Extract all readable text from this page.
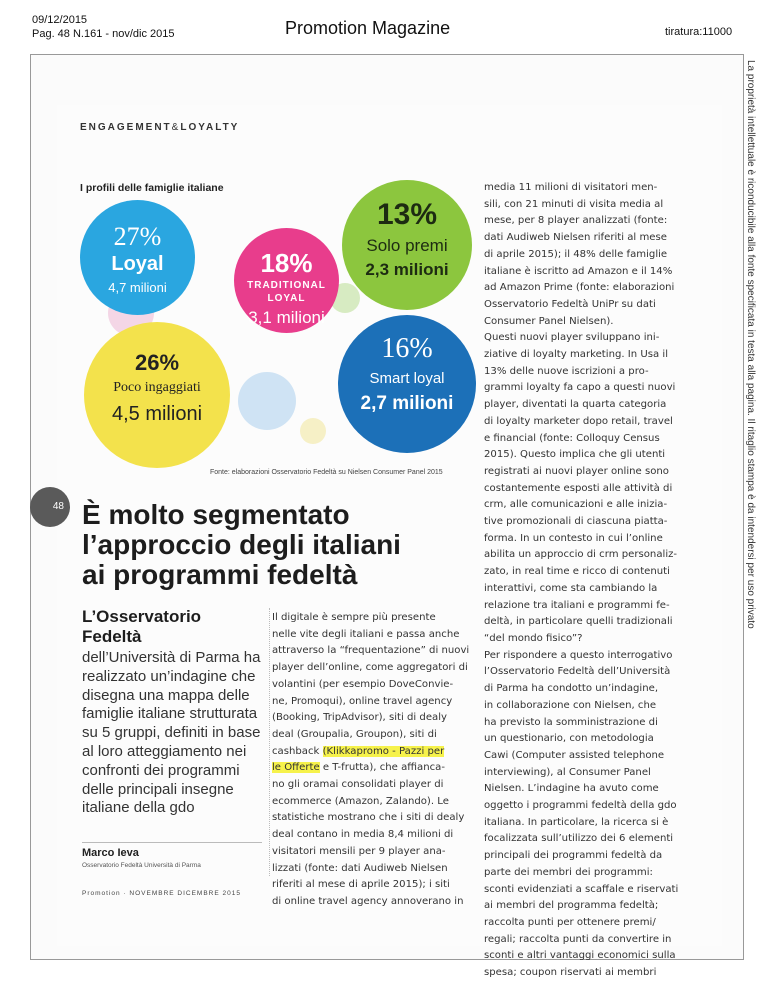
09/12/2015
Pag. 48 N.161 - nov/dic 2015	Promotion Magazine	tiratura:11000
La proprietà intellettuale è riconducibile alla fonte specificata in testa alla pagina. Il ritaglio stampa è da intendersi per uso privato
ENGAGEMENT&LOYALTY
I profili delle famiglie italiane
27%
Loyal
4,7 milioni
18%
TRADITIONAL
LOYAL
3,1 milioni
13%
Solo premi
2,3 milioni
26%
Poco ingaggiati
4,5 milioni
16%
Smart loyal
2,7 milioni
Fonte: elaborazioni Osservatorio Fedeltà su Nielsen Consumer Panel 2015
48 È molto segmentato
l’approccio degli italiani
ai programmi fedeltà
L’Osservatorio
Fedeltà
dell’Università di Parma ha realizzato un’indagine che disegna una mappa delle famiglie italiane strutturata su 5 gruppi, definiti in base al loro atteggiamento nei confronti dei programmi delle principali insegne italiane della gdo
Marco Ieva
Osservatorio Fedeltà Università di Parma
Promotion · NOVEMBRE DICEMBRE 2015
Il digitale è sempre più presente
nelle vite degli italiani e passa anche
attraverso la “frequentazione” di nuovi
player dell’online, come aggregatori di
volantini (per esempio DoveConvie-
ne, Promoqui), online travel agency
(Booking, TripAdvisor), siti di dealy
deal (Groupalia, Groupon), siti di
cashback (Klikkapromo - Pazzi per
le Offerte e T-frutta), che affianca-
no gli oramai consolidati player di
ecommerce (Amazon, Zalando). Le
statistiche mostrano che i siti di dealy
deal contano in media 8,4 milioni di
visitatori mensili per 9 player ana-
lizzati (fonte: dati Audiweb Nielsen
riferiti al mese di aprile 2015); i siti
di online travel agency annoverano in
media 11 milioni di visitatori men-
sili, con 21 minuti di visita media al
mese, per 8 player analizzati (fonte:
dati Audiweb Nielsen riferiti al mese
di aprile 2015); il 48% delle famiglie
italiane è iscritto ad Amazon e il 14%
ad Amazon Prime (fonte: elaborazioni
Osservatorio Fedeltà UniPr su dati
Consumer Panel Nielsen).
Questi nuovi player sviluppano ini-
ziative di loyalty marketing. In Usa il
13% delle nuove iscrizioni a pro-
grammi loyalty fa capo a questi nuovi
player, diventati la quarta categoria
di loyalty marketer dopo retail, travel
e financial (fonte: Colloquy Census
2015). Questo implica che gli utenti
registrati ai nuovi player online sono
costantemente esposti alle attività di
crm, alle comunicazioni e alle inizia-
tive promozionali di ciascuna piatta-
forma. In un contesto in cui l’online
abilita un approccio di crm personaliz-
zato, in real time e ricco di contenuti
interattivi, come sta cambiando la
relazione tra italiani e programmi fe-
deltà, in particolare quelli tradizionali
“del mondo fisico”?
Per rispondere a questo interrogativo
l’Osservatorio Fedeltà dell’Università
di Parma ha condotto un’indagine,
in collaborazione con Nielsen, che
ha previsto la somministrazione di
un questionario, con metodologia
Cawi (Computer assisted telephone
interviewing), al Consumer Panel
Nielsen. L’indagine ha avuto come
oggetto i programmi fedeltà della gdo
italiana. In particolare, la ricerca si è
focalizzata sull’utilizzo dei 6 elementi
principali dei programmi fedeltà da
parte dei membri dei programmi:
sconti evidenziati a scaffale e riservati
ai membri del programma fedeltà;
raccolta punti per ottenere premi/
regali; raccolta punti da convertire in
sconti e altri vantaggi economici sulla
spesa; coupon riservati ai membri
